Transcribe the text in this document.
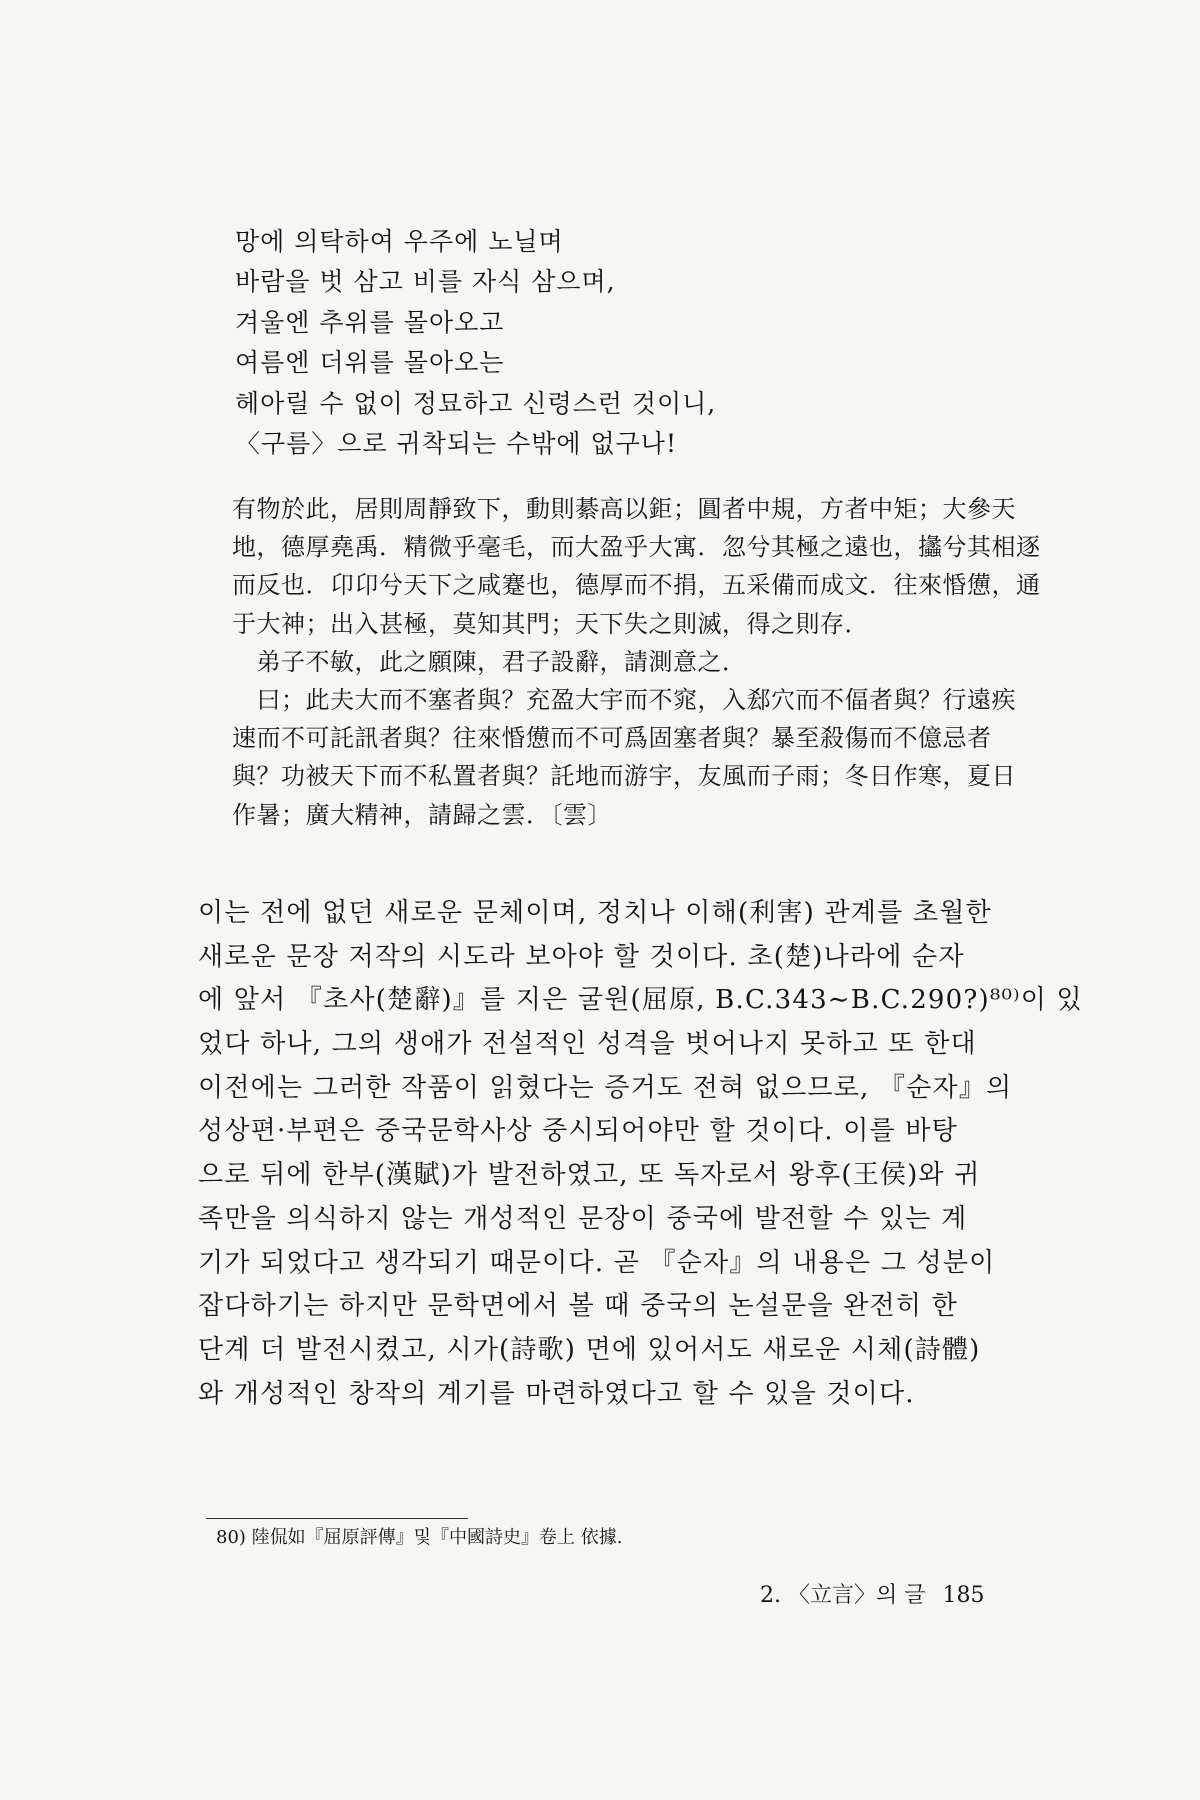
망에 의탁하여 우주에 노닐며
바람을 벗 삼고 비를 자식 삼으며,
겨울엔 추위를 몰아오고
여름엔 더위를 몰아오는
헤아릴 수 없이 정묘하고 신령스런 것이니,
〈구름〉으로 귀착되는 수밖에 없구나!
有物於此，居則周靜致下，動則綦高以鉅；圓者中規，方者中矩；大參天
地，德厚堯禹．精微乎毫毛，而大盈乎大寓．忽兮其極之遠也，攭兮其相逐
而反也．卬卬兮天下之咸蹇也，德厚而不捐，五采備而成文．往來惛憊，通
于大神；出入甚極，莫知其門；天下失之則滅，得之則存．
　弟子不敏，此之願陳，君子設辭，請測意之．
　曰；此夫大而不塞者與？充盈大宇而不窕，入郄穴而不偪者與？行遠疾
速而不可託訊者與？往來惛憊而不可爲固塞者與？暴至殺傷而不億忌者
與？功被天下而不私置者與？託地而游宇，友風而子雨；冬日作寒，夏日
作暑；廣大精神，請歸之雲．〔雲〕
이는 전에 없던 새로운 문체이며, 정치나 이해(利害) 관계를 초월한
새로운 문장 저작의 시도라 보아야 할 것이다. 초(楚)나라에 순자
에 앞서 『초사(楚辭)』를 지은 굴원(屈原, B.C.343∼B.C.290?)⁸⁰⁾이 있
었다 하나, 그의 생애가 전설적인 성격을 벗어나지 못하고 또 한대
이전에는 그러한 작품이 읽혔다는 증거도 전혀 없으므로, 『순자』의
성상편·부편은 중국문학사상 중시되어야만 할 것이다. 이를 바탕
으로 뒤에 한부(漢賦)가 발전하였고, 또 독자로서 왕후(王侯)와 귀
족만을 의식하지 않는 개성적인 문장이 중국에 발전할 수 있는 계
기가 되었다고 생각되기 때문이다. 곧 『순자』의 내용은 그 성분이
잡다하기는 하지만 문학면에서 볼 때 중국의 논설문을 완전히 한
단계 더 발전시켰고, 시가(詩歌) 면에 있어서도 새로운 시체(詩體)
와 개성적인 창작의 계기를 마련하였다고 할 수 있을 것이다.
80) 陸侃如『屈原評傳』및『中國詩史』卷上 依據.
2. 〈立言〉의 글 185
